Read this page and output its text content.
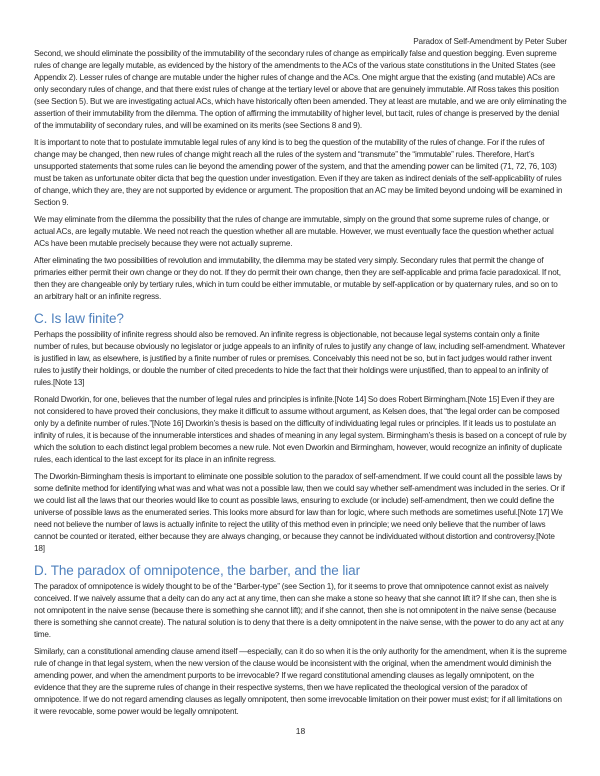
Paradox of Self-Amendment by Peter Suber

Second, we should eliminate the possibility of the immutability of the secondary rules of change as empirically false and question begging. Even supreme rules of change are legally mutable, as evidenced by the history of the amendments to the ACs of the various state constitutions in the United States (see Appendix 2). Lesser rules of change are mutable under the higher rules of change and the ACs. One might argue that the existing (and mutable) ACs are only secondary rules of change, and that there exist rules of change at the tertiary level or above that are genuinely immutable. Alf Ross takes this position (see Section 5). But we are investigating actual ACs, which have historically often been amended. They at least are mutable, and we are only eliminating the assertion of their immutability from the dilemma. The option of affirming the immutability of higher level, but tacit, rules of change is preserved by the denial of the immutability of secondary rules, and will be examined on its merits (see Sections 8 and 9).

It is important to note that to postulate immutable legal rules of any kind is to beg the question of the mutability of the rules of change. For if the rules of change may be changed, then new rules of change might reach all the rules of the system and “transmute” the “immutable” rules. Therefore, Hart’s unsupported statements that some rules can lie beyond the amending power of the system, and that the amending power can be limited (71, 72, 76, 103) must be taken as unfortunate obiter dicta that beg the question under investigation. Even if they are taken as indirect denials of the self-applicability of rules of change, which they are, they are not supported by evidence or argument. The proposition that an AC may be limited beyond undoing will be examined in Section 9.

We may eliminate from the dilemma the possibility that the rules of change are immutable, simply on the ground that some supreme rules of change, or actual ACs, are legally mutable. We need not reach the question whether all are mutable. However, we must eventually face the question whether actual ACs have been mutable precisely because they were not actually supreme.

After eliminating the two possibilities of revolution and immutability, the dilemma may be stated very simply. Secondary rules that permit the change of primaries either permit their own change or they do not. If they do permit their own change, then they are self-applicable and prima facie paradoxical. If not, then they are changeable only by tertiary rules, which in turn could be either immutable, or mutable by self-application or by quaternary rules, and so on to an arbitrary halt or an infinite regress.

C. Is law finite?

Perhaps the possibility of infinite regress should also be removed. An infinite regress is objectionable, not because legal systems contain only a finite number of rules, but because obviously no legislator or judge appeals to an infinity of rules to justify any change of law, including self-amendment. Whatever is justified in law, as elsewhere, is justified by a finite number of rules or premises. Conceivably this need not be so, but in fact judges would rather invent rules to justify their holdings, or double the number of cited precedents to hide the fact that their holdings were unjustified, than to appeal to an infinity of rules.[Note 13]

Ronald Dworkin, for one, believes that the number of legal rules and principles is infinite.[Note 14] So does Robert Birmingham.[Note 15] Even if they are not considered to have proved their conclusions, they make it difficult to assume without argument, as Kelsen does, that “the legal order can be composed only by a definite number of rules.”[Note 16] Dworkin’s thesis is based on the difficulty of individuating legal rules or principles. If it leads us to postulate an infinity of rules, it is because of the innumerable interstices and shades of meaning in any legal system. Birmingham’s thesis is based on a concept of rule by which the solution to each distinct legal problem becomes a new rule. Not even Dworkin and Birmingham, however, would recognize an infinity of duplicate rules, each identical to the last except for its place in an infinite regress.

The Dworkin-Birmingham thesis is important to eliminate one possible solution to the paradox of self-amendment. If we could count all the possible laws by some definite method for identifying what was and what was not a possible law, then we could say whether self-amendment was included in the series. Or if we could list all the laws that our theories would like to count as possible laws, ensuring to exclude (or include) self-amendment, then we could define the universe of possible laws as the enumerated series. This looks more absurd for law than for logic, where such methods are sometimes useful.[Note 17] We need not believe the number of laws is actually infinite to reject the utility of this method even in principle; we need only believe that the number of laws cannot be counted or iterated, either because they are always changing, or because they cannot be individuated without distortion and controversy.[Note 18]

D. The paradox of omnipotence, the barber, and the liar

The paradox of omnipotence is widely thought to be of the “Barber-type” (see Section 1), for it seems to prove that omnipotence cannot exist as naively conceived. If we naively assume that a deity can do any act at any time, then can she make a stone so heavy that she cannot lift it? If she can, then she is not omnipotent in the naive sense (because there is something she cannot lift); and if she cannot, then she is not omnipotent in the naive sense (because there is something she cannot create). The natural solution is to deny that there is a deity omnipotent in the naive sense, with the power to do any act at any time.

Similarly, can a constitutional amending clause amend itself —especially, can it do so when it is the only authority for the amendment, when it is the supreme rule of change in that legal system, when the new version of the clause would be inconsistent with the original, when the amendment would diminish the amending power, and when the amendment purports to be irrevocable? If we regard constitutional amending clauses as legally omnipotent, on the evidence that they are the supreme rules of change in their respective systems, then we have replicated the theological version of the paradox of omnipotence. If we do not regard amending clauses as legally omnipotent, then some irrevocable limitation on their power must exist; for if all limitations on it were revocable, some power would be legally omnipotent.

18
